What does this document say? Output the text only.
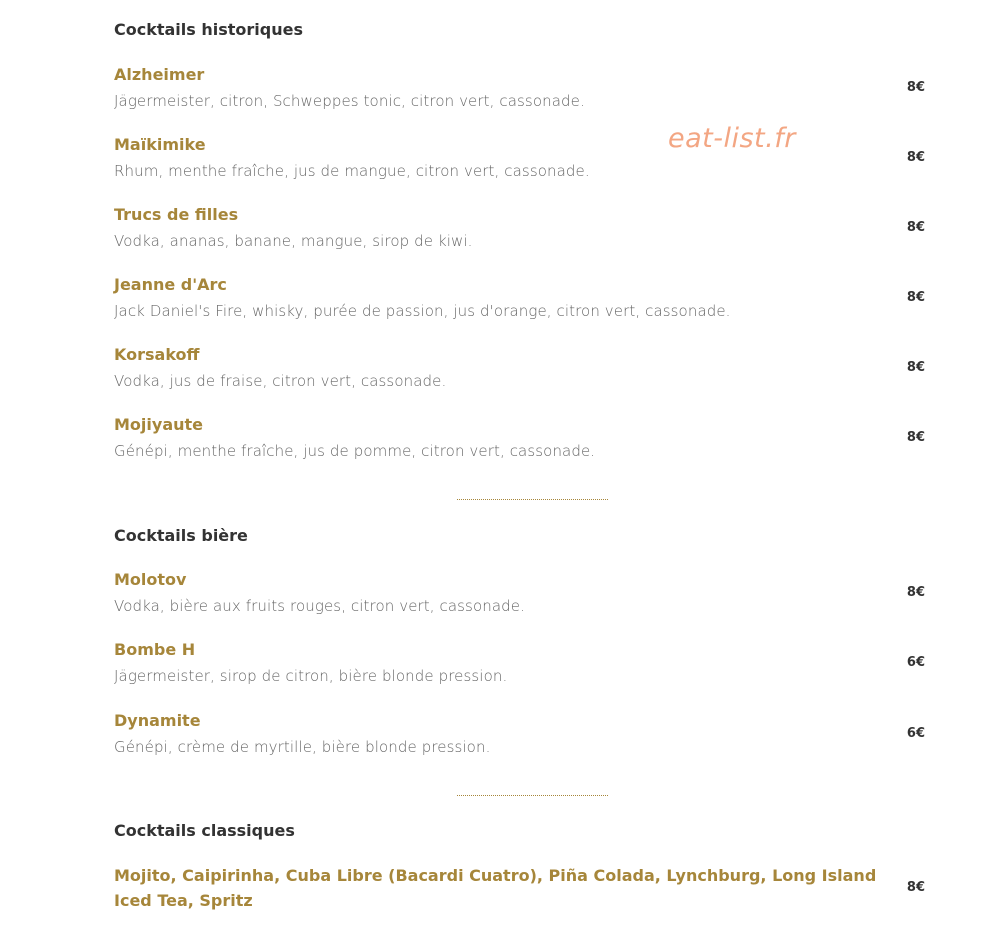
Cocktails historiques
Alzheimer
Jägermeister, citron, Schweppes tonic, citron vert, cassonade.
8€
Maïkimike
Rhum, menthe fraîche, jus de mangue, citron vert, cassonade.
8€
Trucs de filles
Vodka, ananas, banane, mangue, sirop de kiwi.
8€
Jeanne d'Arc
Jack Daniel's Fire, whisky, purée de passion, jus d'orange, citron vert, cassonade.
8€
Korsakoff
Vodka, jus de fraise, citron vert, cassonade.
8€
Mojiyaute
Génépi, menthe fraîche, jus de pomme, citron vert, cassonade.
8€
Cocktails bière
Molotov
Vodka, bière aux fruits rouges, citron vert, cassonade.
8€
Bombe H
Jägermeister, sirop de citron, bière blonde pression.
6€
Dynamite
Génépi, crème de myrtille, bière blonde pression.
6€
Cocktails classiques
Mojito, Caipirinha, Cuba Libre (Bacardi Cuatro), Piña Colada, Lynchburg, Long Island Iced Tea, Spritz
8€
eat-list.fr
